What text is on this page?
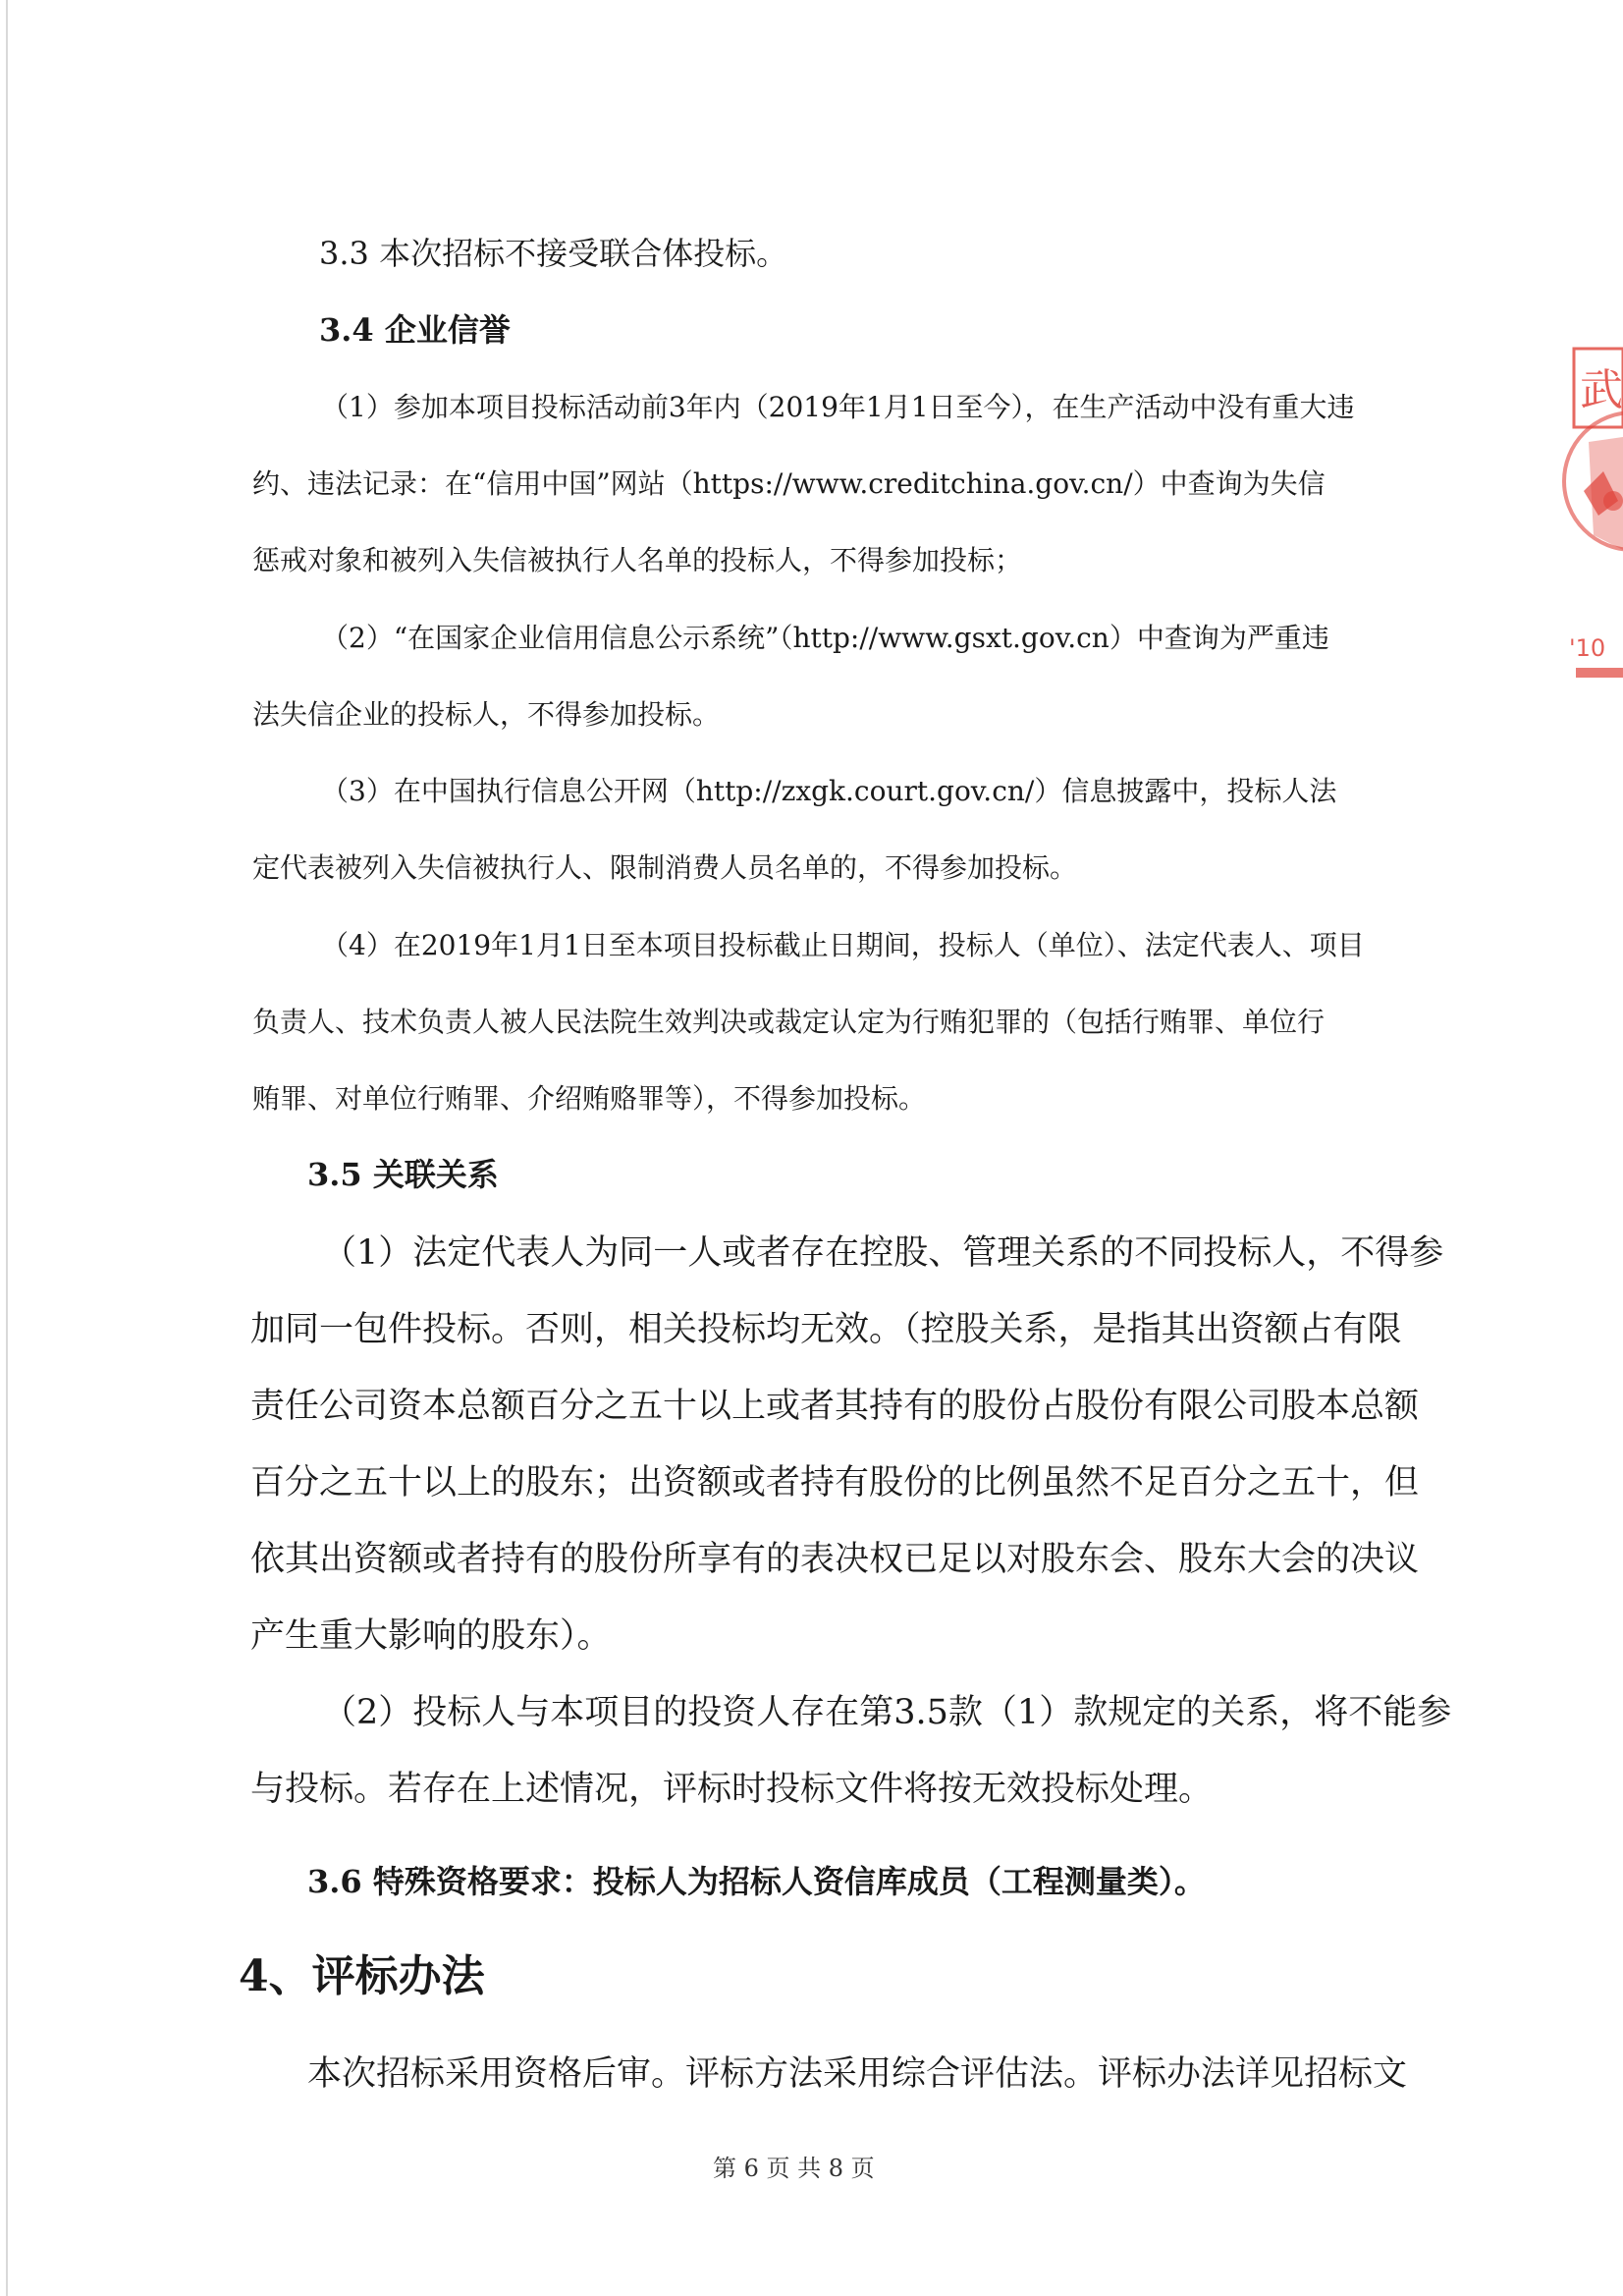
3.3 本次招标不接受联合体投标。
3.4 企业信誉
（1）参加本项目投标活动前3年内（2019年1月1日至今），在生产活动中没有重大违
约、违法记录：在“信用中国”网站（https://www.creditchina.gov.cn/）中查询为失信
惩戒对象和被列入失信被执行人名单的投标人，不得参加投标；
（2）“在国家企业信用信息公示系统”（http://www.gsxt.gov.cn）中查询为严重违
法失信企业的投标人，不得参加投标。
（3）在中国执行信息公开网（http://zxgk.court.gov.cn/）信息披露中，投标人法
定代表被列入失信被执行人、限制消费人员名单的，不得参加投标。
（4）在2019年1月1日至本项目投标截止日期间，投标人（单位）、法定代表人、项目
负责人、技术负责人被人民法院生效判决或裁定认定为行贿犯罪的（包括行贿罪、单位行
贿罪、对单位行贿罪、介绍贿赂罪等），不得参加投标。
3.5 关联关系
（1）法定代表人为同一人或者存在控股、管理关系的不同投标人，不得参
加同一包件投标。否则，相关投标均无效。（控股关系，是指其出资额占有限
责任公司资本总额百分之五十以上或者其持有的股份占股份有限公司股本总额
百分之五十以上的股东；出资额或者持有股份的比例虽然不足百分之五十，但
依其出资额或者持有的股份所享有的表决权已足以对股东会、股东大会的决议
产生重大影响的股东）。
（2）投标人与本项目的投资人存在第3.5款（1）款规定的关系，将不能参
与投标。若存在上述情况，评标时投标文件将按无效投标处理。
3.6 特殊资格要求：投标人为招标人资信库成员（工程测量类）。
4、评标办法
本次招标采用资格后审。评标方法采用综合评估法。评标办法详见招标文
第 6 页 共 8 页
武
'10
